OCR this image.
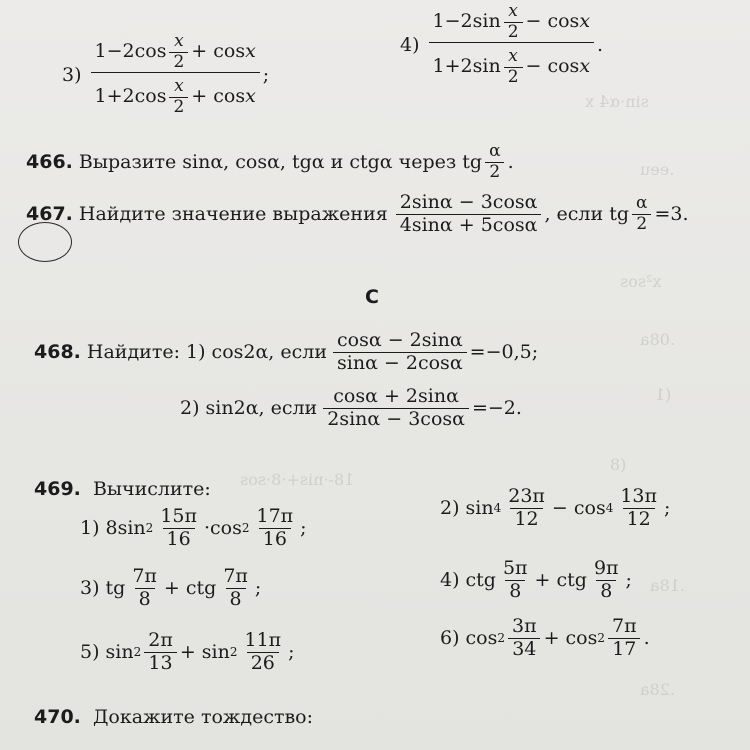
sin·α4 x
.eeu
x²sos
.08a
(1
(8
.18a
.28a
18-·nis+·8·sos
3)
$1-2\cos \frac{x}{2} + \cos x$
$1+2\cos \frac{x}{2} + \cos x$
;
4)
$1-2\sin \frac{x}{2} - \cos x$
$1+2\sin \frac{x}{2} - \cos x$
.
466. Выразите sinα, cosα, tgα и ctgα через tg $\frac{\alpha}{2}$ .
467. Найдите значение выражения $\frac{2\sin\alpha - 3\cos\alpha}{4\sin\alpha + 5\cos\alpha}$ , если tg $\frac{\alpha}{2} =3$.
С
468. Найдите: 1) cos2α, если $\frac{\cos\alpha - 2\sin\alpha}{\sin\alpha - 2\cos\alpha} =-0,5$;
2) sin2α, если $\frac{\cos\alpha + 2\sin\alpha}{2\sin\alpha - 3\cos\alpha} =-2$.
469. Вычислите:
1) 8sin $2 \frac{15\pi}{16} \cdot\cos$ $2 \frac{17\pi}{16}$ ;
2) $\sin 4 \frac{23\pi}{12} - \cos 4 \frac{13\pi}{12}$ ;
3) tg $\frac{7\pi}{8}$ + ctg $\frac{7\pi}{8}$ ;	4) ctg $\frac{5\pi}{8}$ + ctg $\frac{9\pi}{8}$ ;
5) $\sin 2 \frac{2\pi}{13} + \sin 2 \frac{11\pi}{26}$ ;
6) $\cos 2 \frac{3\pi}{34} + \cos 2 \frac{7\pi}{17}$ .
470. Докажите тождество:
